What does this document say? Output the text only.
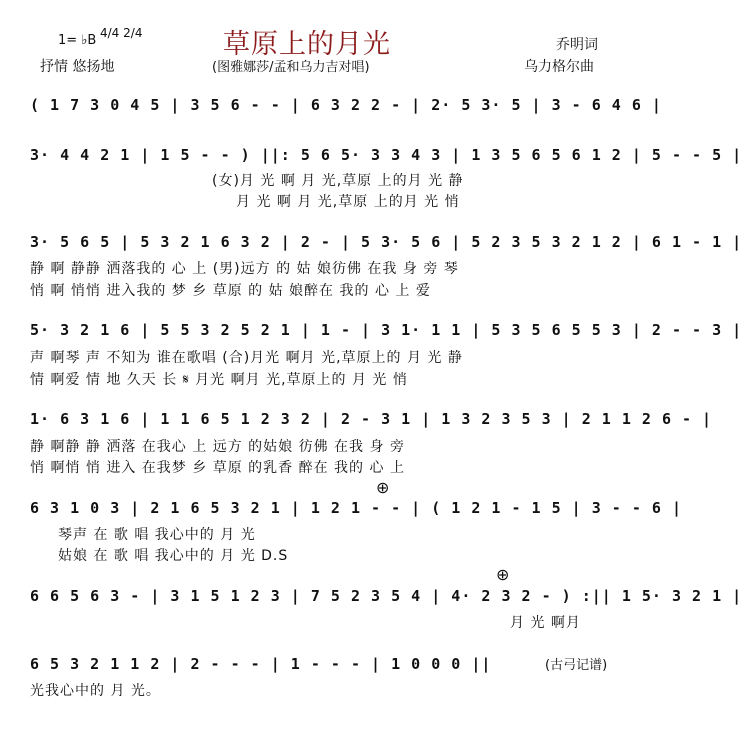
草原上的月光
1= ♭B 4/4 2/4
抒情 悠扬地	(图雅娜莎/孟和乌力吉对唱)
乔明词
乌力格尔曲
( 1 7 3 0 4 5 | 3 5 6 - - | 6 3 2 2 - | 2· 5 3· 5 | 3 - 6 4 6 |
3· 4 4 2 1 | 1 5 - - ) ||: 5 6 5· 3 3 4 3 | 1 3 5 6 5 6 1 2 | 5 - - 5 |
(女)月 光 啊 月 光,草原 上的月 光 静
月 光 啊 月 光,草原 上的月 光 悄
3· 5 6 5 | 5 3 2 1 6 3 2 | 2 - | 5 3· 5 6 | 5 2 3 5 3 2 1 2 | 6 1 - 1 |
静 啊 静静 洒落我的 心 上 (男)远方 的 姑 娘彷佛 在我 身 旁 琴
悄 啊 悄悄 进入我的 梦 乡 草原 的 姑 娘醉在 我的 心 上 爱
5· 3 2 1 6 | 5 5 3 2 5 2 1 | 1 - | 3 1· 1 1 | 5 3 5 6 5 5 3 | 2 - - 3 |
声 啊琴 声 不知为 谁在歌唱 (合)月光 啊月 光,草原上的 月 光 静
情 啊爱 情 地 久天 长 𝄋 月光 啊月 光,草原上的 月 光 悄
1· 6 3 1 6 | 1 1 6 5 1 2 3 2 | 2 - 3 1 | 1 3 2 3 5 3 | 2 1 1 2 6 - |
静 啊静 静 洒落 在我心 上 远方 的姑娘 彷佛 在我 身 旁
悄 啊悄 悄 进入 在我梦 乡 草原 的乳香 醉在 我的 心 上
⊕
6 3 1 0 3 | 2 1 6 5 3 2 1 | 1 2 1 - - | ( 1 2 1 - 1 5 | 3 - - 6 |
琴声 在 歌 唱 我心中的 月 光
姑娘 在 歌 唱 我心中的 月 光 D.S
⊕
6 6 5 6 3 - | 3 1 5 1 2 3 | 7 5 2 3 5 4 | 4· 2 3 2 - ) :|| 1 5· 3 2 1 |
月 光 啊月
6 5 3 2 1 1 2 | 2 - - - | 1 - - - | 1 0 0 0 ||
光我心中的 月 光。
(古弓记谱)
